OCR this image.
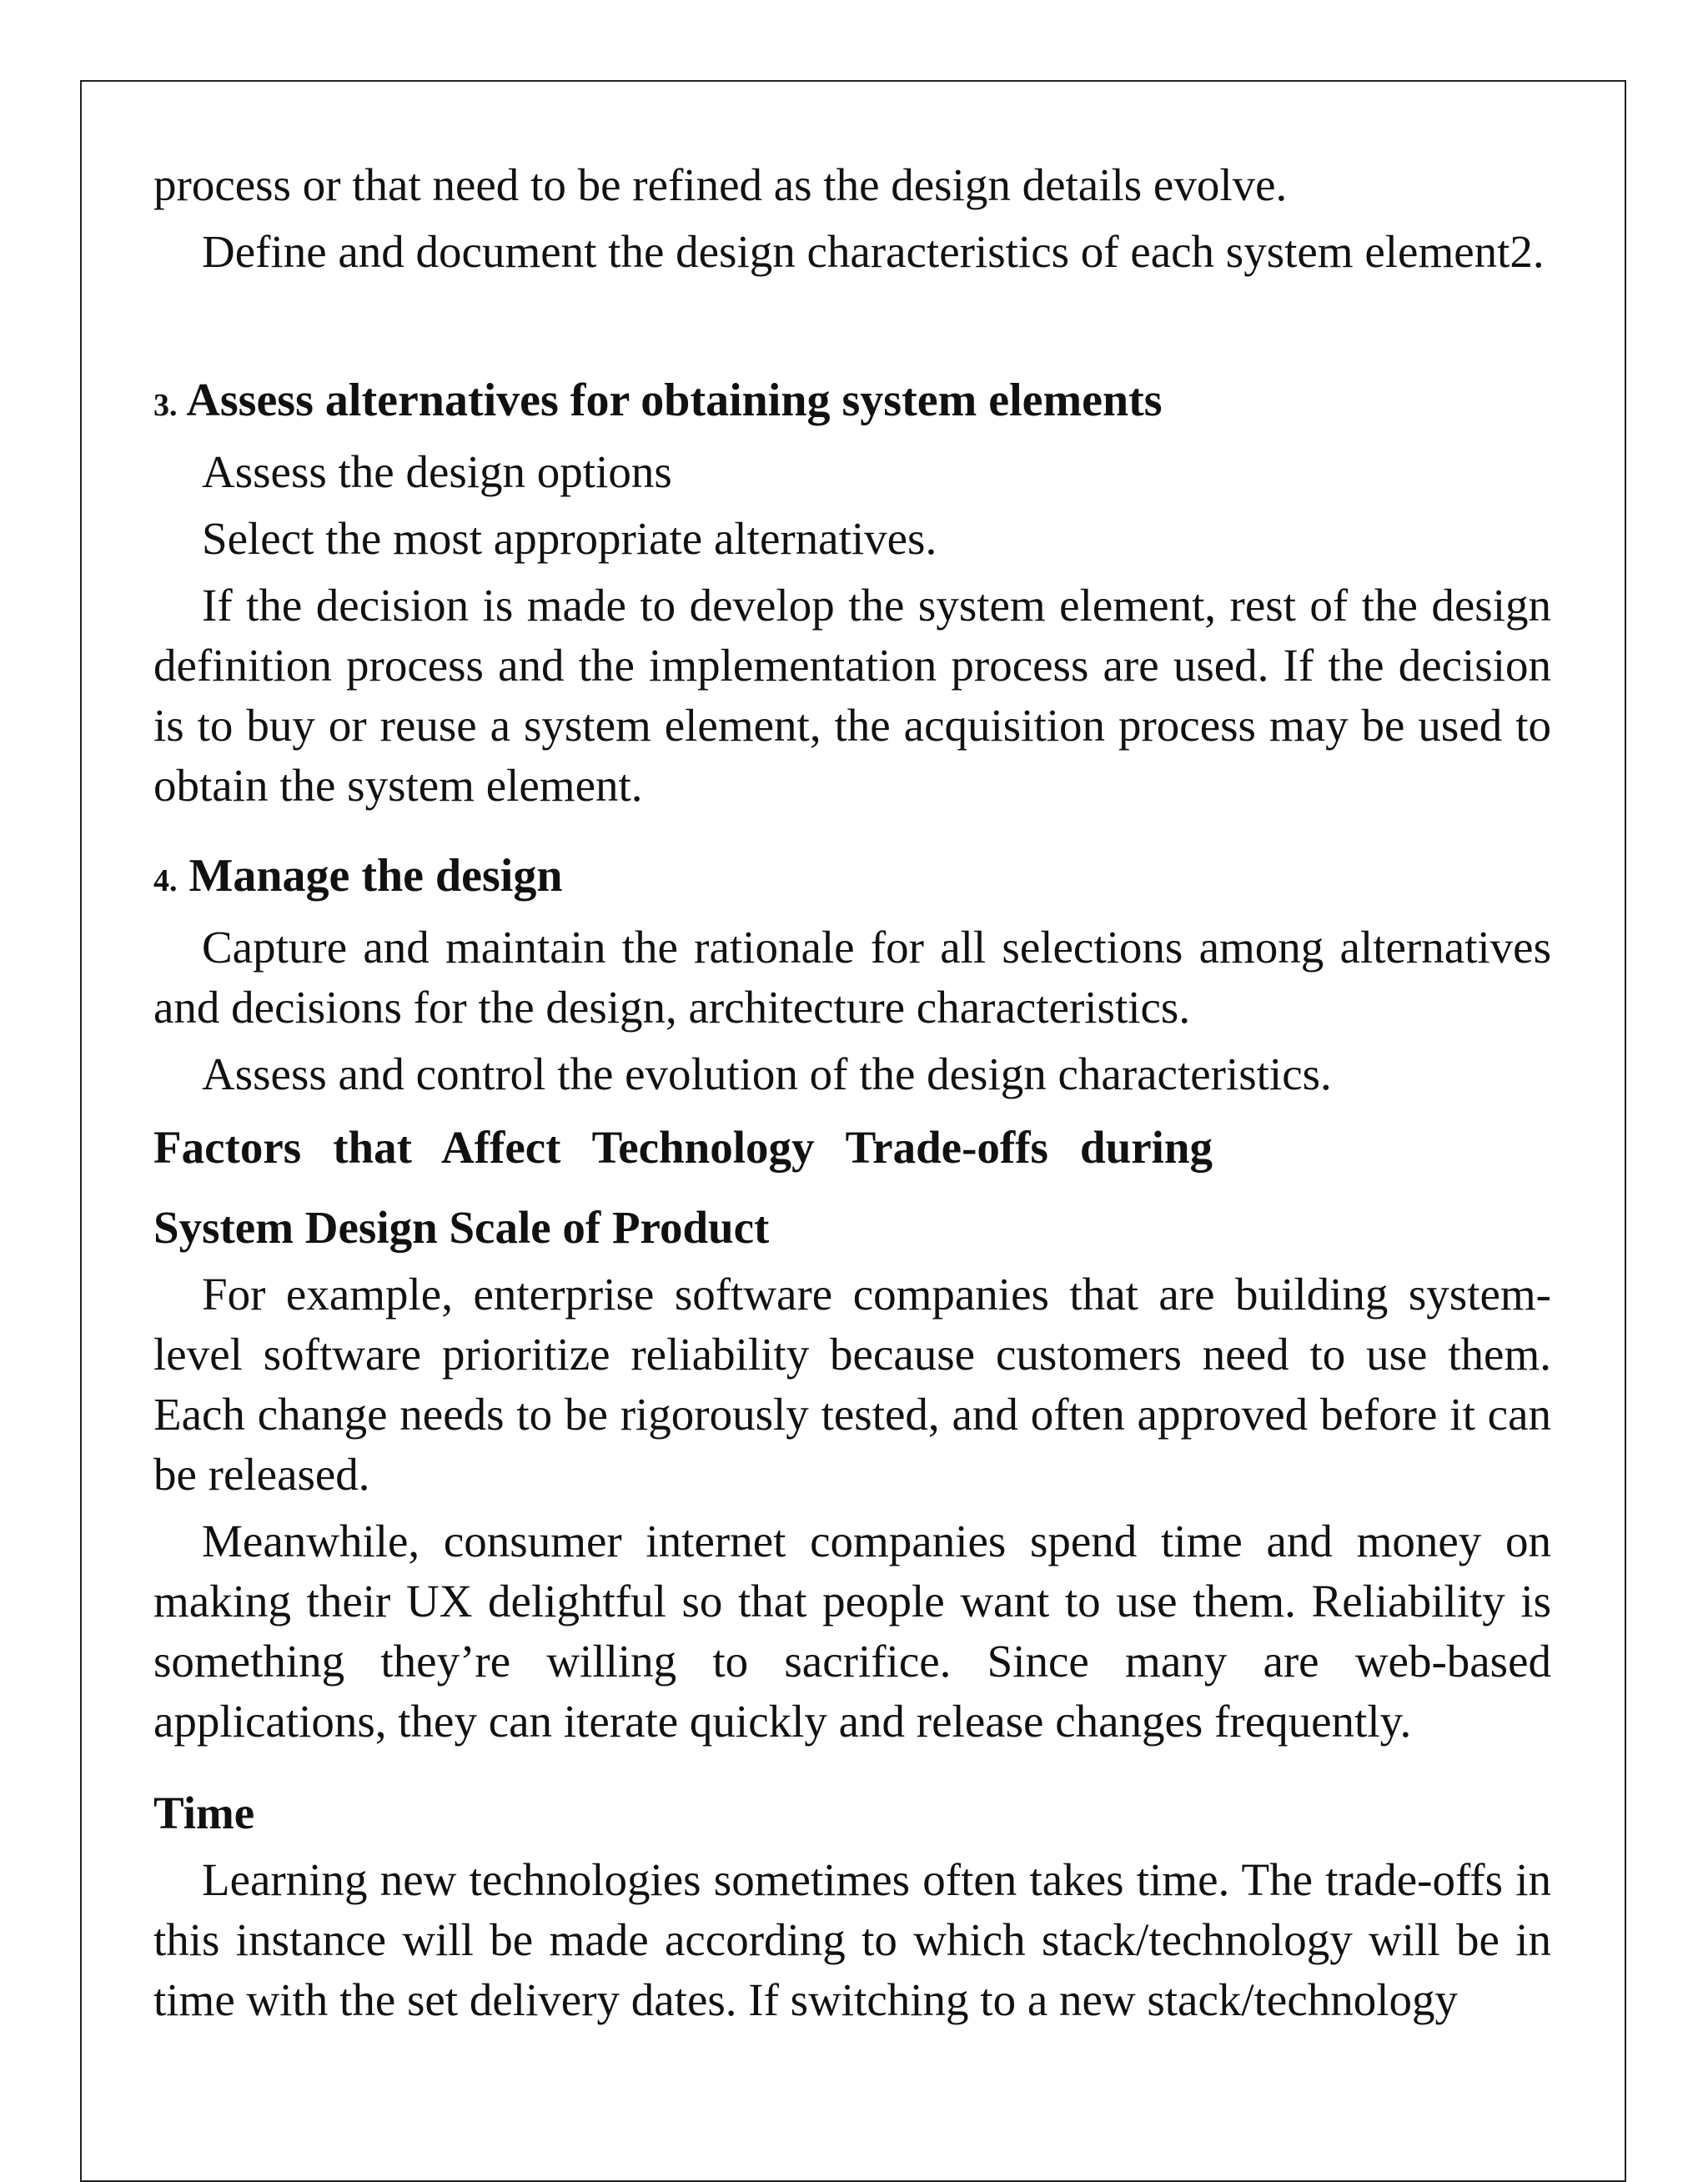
process or that need to be refined as the design details evolve.

Define and document the design characteristics of each system element2.

3. Assess alternatives for obtaining system elements

Assess the design options

Select the most appropriate alternatives.

If the decision is made to develop the system element, rest of the design definition process and the implementation process are used. If the decision is to buy or reuse a system element, the acquisition process may be used to obtain the system element.

4. Manage the design

Capture and maintain the rationale for all selections among alternatives and decisions for the design, architecture characteristics.

Assess and control the evolution of the design characteristics.

Factors that Affect Technology Trade-offs during
System Design Scale of Product

For example, enterprise software companies that are building system-level software prioritize reliability because customers need to use them. Each change needs to be rigorously tested, and often approved before it can be released.

Meanwhile, consumer internet companies spend time and money on making their UX delightful so that people want to use them. Reliability is something they’re willing to sacrifice. Since many are web-based applications, they can iterate quickly and release changes frequently.

Time

Learning new technologies sometimes often takes time. The trade-offs in this instance will be made according to which stack/technology will be in time with the set delivery dates. If switching to a new stack/technology
